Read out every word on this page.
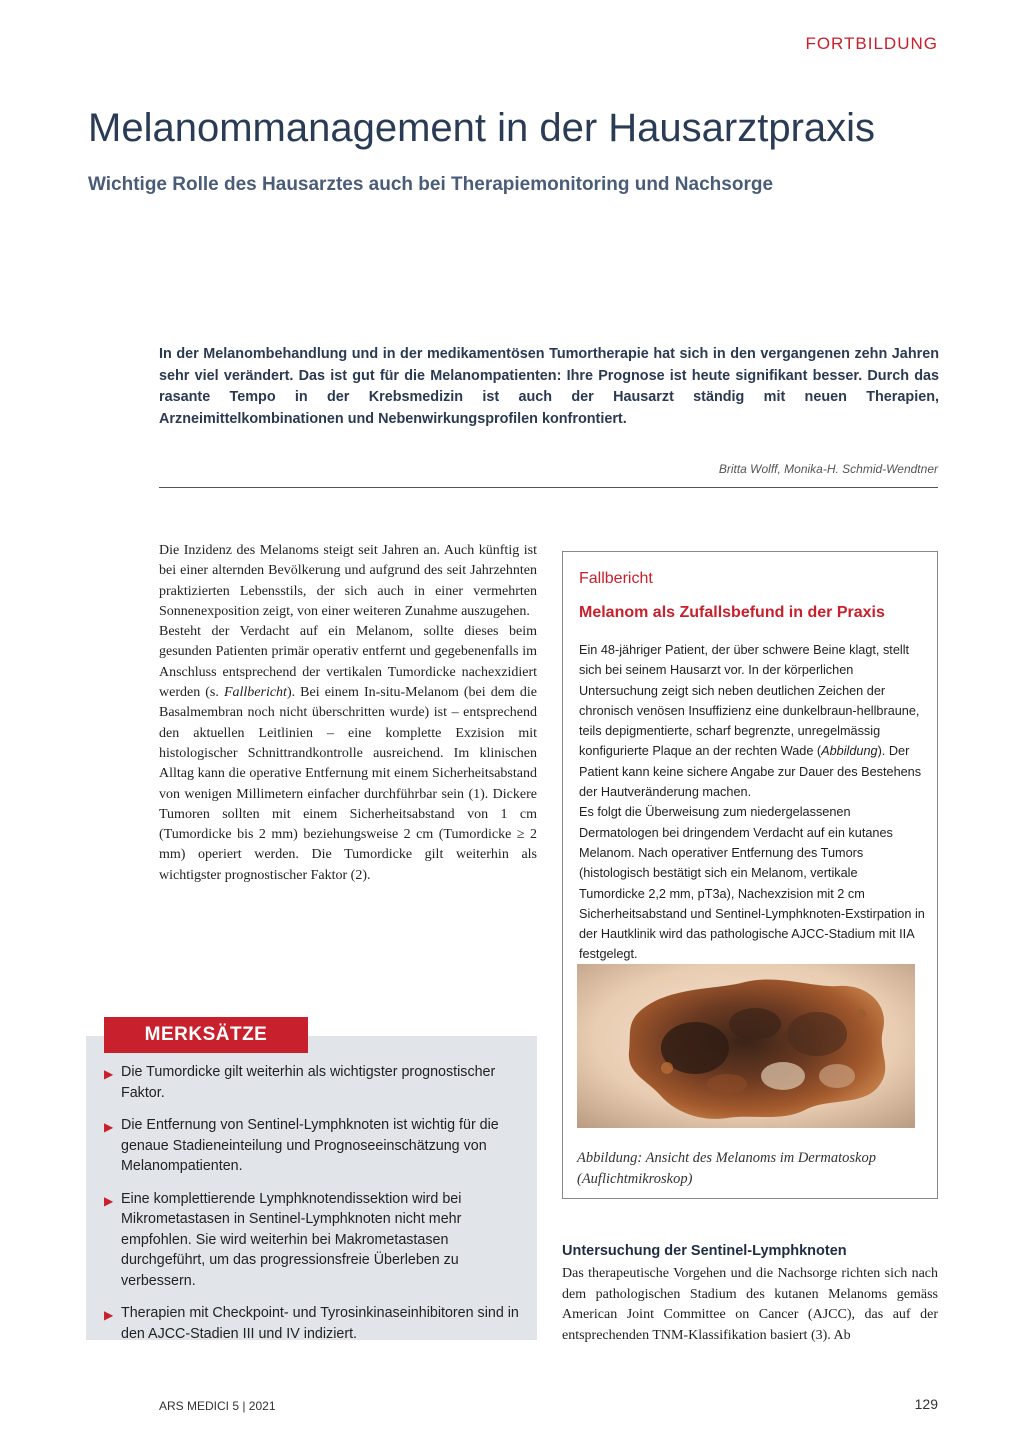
FORTBILDUNG
Melanommanagement in der Hausarztpraxis
Wichtige Rolle des Hausarztes auch bei Therapiemonitoring und Nachsorge
In der Melanombehandlung und in der medikamentösen Tumortherapie hat sich in den vergangenen zehn Jahren sehr viel verändert. Das ist gut für die Melanompatienten: Ihre Prognose ist heute signifikant besser. Durch das rasante Tempo in der Krebsmedizin ist auch der Hausarzt ständig mit neuen Therapien, Arzneimittelkombinationen und Nebenwirkungsprofilen konfrontiert.
Britta Wolff, Monika-H. Schmid-Wendtner

Die Inzidenz des Melanoms steigt seit Jahren an. Auch künftig ist bei einer alternden Bevölkerung und aufgrund des seit Jahrzehnten praktizierten Lebensstils, der sich auch in einer vermehrten Sonnenexposition zeigt, von einer weiteren Zunahme auszugehen.

Besteht der Verdacht auf ein Melanom, sollte dieses beim gesunden Patienten primär operativ entfernt und gegebenenfalls im Anschluss entsprechend der vertikalen Tumordicke nachexzidiert werden (s. Fallbericht). Bei einem In-situ-Melanom (bei dem die Basalmembran noch nicht überschritten wurde) ist – entsprechend den aktuellen Leitlinien – eine komplette Exzision mit histologischer Schnittrandkontrolle ausreichend. Im klinischen Alltag kann die operative Entfernung mit einem Sicherheitsabstand von wenigen Millimetern einfacher durchführbar sein (1). Dickere Tumoren sollten mit einem Sicherheitsabstand von 1 cm (Tumordicke bis 2 mm) beziehungsweise 2 cm (Tumordicke ≥ 2 mm) operiert werden. Die Tumordicke gilt weiterhin als wichtigster prognostischer Faktor (2).

Fallbericht
Melanom als Zufallsbefund in der Praxis

Ein 48-jähriger Patient, der über schwere Beine klagt, stellt sich bei seinem Hausarzt vor. In der körperlichen Untersuchung zeigt sich neben deutlichen Zeichen der chronisch venösen Insuffizienz eine dunkelbraun-hellbraune, teils depigmentierte, scharf begrenzte, unregelmässig konfigurierte Plaque an der rechten Wade (Abbildung). Der Patient kann keine sichere Angabe zur Dauer des Bestehens der Hautveränderung machen.

Es folgt die Überweisung zum niedergelassenen Dermatologen bei dringendem Verdacht auf ein kutanes Melanom. Nach operativer Entfernung des Tumors (histologisch bestätigt sich ein Melanom, vertikale Tumordicke 2,2 mm, pT3a), Nachexzision mit 2 cm Sicherheitsabstand und Sentinel-Lymphknoten-Exstirpation in der Hautklinik wird das pathologische AJCC-Stadium mit IIA festgelegt.

Abbildung: Ansicht des Melanoms im Dermatoskop (Auflichtmikroskop)
MERKSÄTZE
▶ Die Tumordicke gilt weiterhin als wichtigster prognostischer Faktor.
▶ Die Entfernung von Sentinel-Lymphknoten ist wichtig für die genaue Stadieneinteilung und Prognoseeinschätzung von Melanompatienten.
▶ Eine komplettierende Lymphknotendissektion wird bei Mikrometastasen in Sentinel-Lymphknoten nicht mehr empfohlen. Sie wird weiterhin bei Makrometastasen durchgeführt, um das progressionsfreie Überleben zu verbessern.
▶ Therapien mit Checkpoint- und Tyrosinkinaseinhibitoren sind in den AJCC-Stadien III und IV indiziert.
Untersuchung der Sentinel-Lymphknoten
Das therapeutische Vorgehen und die Nachsorge richten sich nach dem pathologischen Stadium des kutanen Melanoms gemäss American Joint Committee on Cancer (AJCC), das auf der entsprechenden TNM-Klassifikation basiert (3). Ab
ARS MEDICI 5 | 2021	129
